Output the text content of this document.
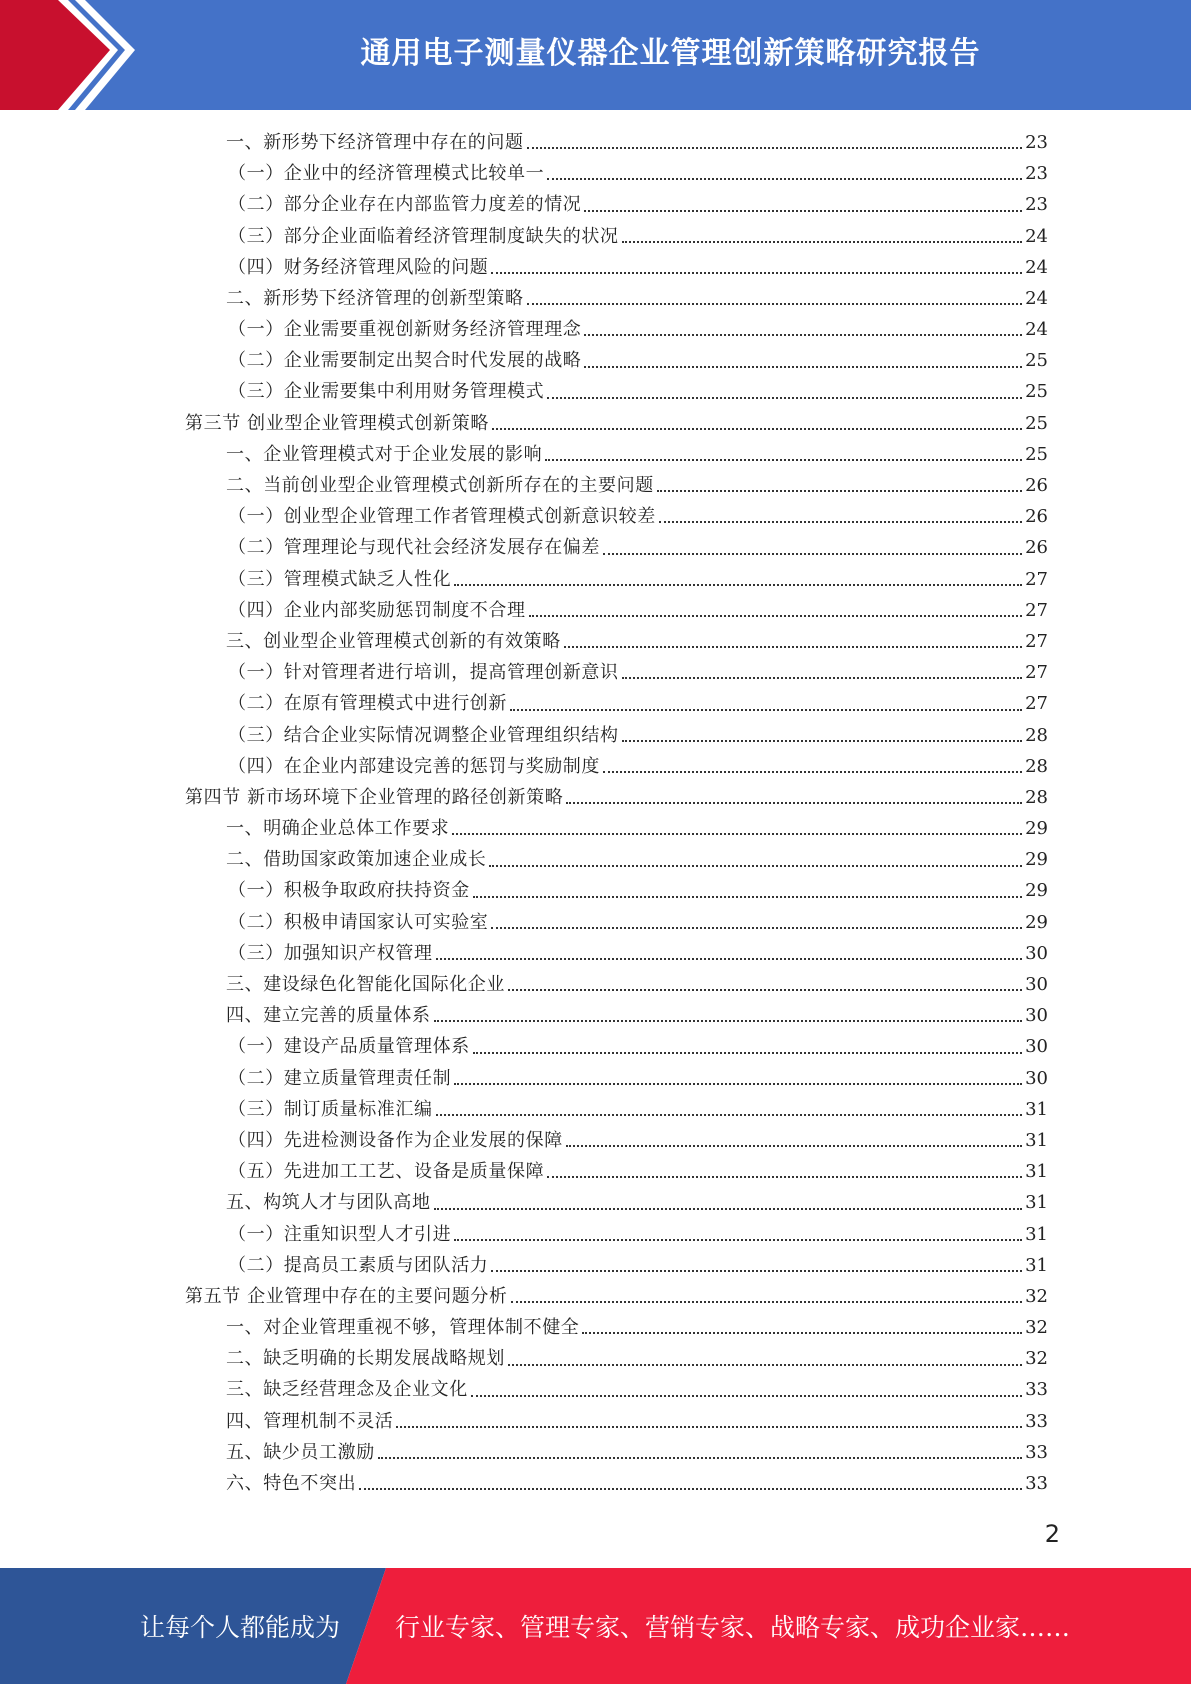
通用电子测量仪器企业管理创新策略研究报告
一、新形势下经济管理中存在的问题	23
（一）企业中的经济管理模式比较单一	23
（二）部分企业存在内部监管力度差的情况	23
（三）部分企业面临着经济管理制度缺失的状况	24
（四）财务经济管理风险的问题	24
二、新形势下经济管理的创新型策略	24
（一）企业需要重视创新财务经济管理理念	24
（二）企业需要制定出契合时代发展的战略	25
（三）企业需要集中利用财务管理模式	25
第三节 创业型企业管理模式创新策略	25
一、企业管理模式对于企业发展的影响	25
二、当前创业型企业管理模式创新所存在的主要问题	26
（一）创业型企业管理工作者管理模式创新意识较差	26
（二）管理理论与现代社会经济发展存在偏差	26
（三）管理模式缺乏人性化	27
（四）企业内部奖励惩罚制度不合理	27
三、创业型企业管理模式创新的有效策略	27
（一）针对管理者进行培训，提高管理创新意识	27
（二）在原有管理模式中进行创新	27
（三）结合企业实际情况调整企业管理组织结构	28
（四）在企业内部建设完善的惩罚与奖励制度	28
第四节 新市场环境下企业管理的路径创新策略	28
一、明确企业总体工作要求	29
二、借助国家政策加速企业成长	29
（一）积极争取政府扶持资金	29
（二）积极申请国家认可实验室	29
（三）加强知识产权管理	30
三、建设绿色化智能化国际化企业	30
四、建立完善的质量体系	30
（一）建设产品质量管理体系	30
（二）建立质量管理责任制	30
（三）制订质量标准汇编	31
（四）先进检测设备作为企业发展的保障	31
（五）先进加工工艺、设备是质量保障	31
五、构筑人才与团队高地	31
（一）注重知识型人才引进	31
（二）提高员工素质与团队活力	31
第五节 企业管理中存在的主要问题分析	32
一、对企业管理重视不够，管理体制不健全	32
二、缺乏明确的长期发展战略规划	32
三、缺乏经营理念及企业文化	33
四、管理机制不灵活	33
五、缺少员工激励	33
六、特色不突出	33
2
让每个人都能成为	行业专家、管理专家、营销专家、战略专家、成功企业家……
